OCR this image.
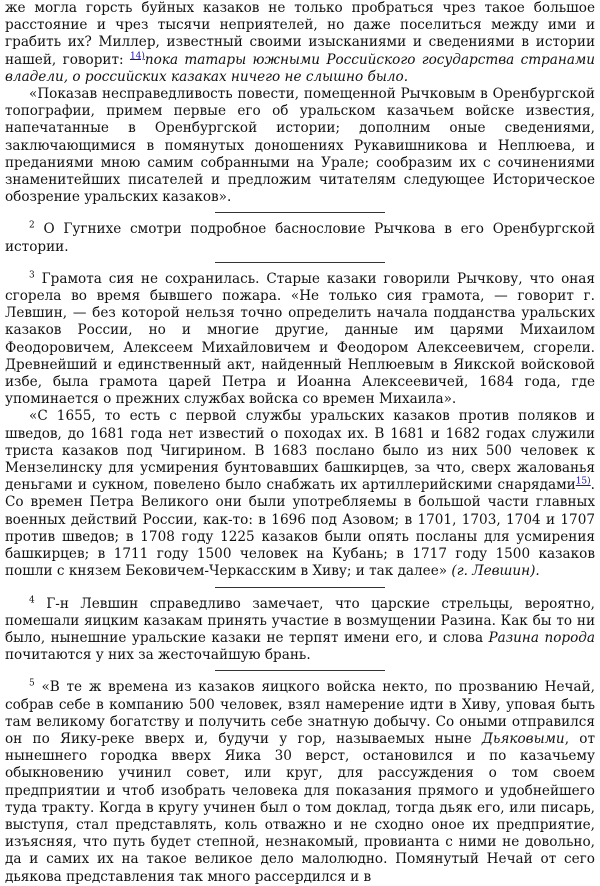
же могла горсть буйных казаков не только пробраться чрез такое большое расстояние и чрез тысячи неприятелей, но даже поселиться между ими и грабить их? Миллер, известный своими изысканиями и сведениями в истории нашей, говорит: $^{14)}$пока татары южными Российского государства странами владели, о российских казаках ничего не слышно было.

«Показав несправедливость повести, помещенной Рычковым в Оренбургской топографии, примем первые его об уральском казачьем войске известия, напечатанные в Оренбургской истории; дополним оные сведениями, заключающимися в помянутых доношениях Рукавишникова и Неплюева, и преданиями мною самим собранными на Урале; сообразим их с сочинениями знаменитейших писателей и предложим читателям следующее Историческое обозрение уральских казаков».

$^2$ О Гугнихе смотри подробное баснословие Рычкова в его Оренбургской истории.

$^3$ Грамота сия не сохранилась. Старые казаки говорили Рычкову, что оная сгорела во время бывшего пожара. «Не только сия грамота, — говорит г. Левшин, — без которой нельзя точно определить начала подданства уральских казаков России, но и многие другие, данные им царями Михаилом Феодоровичем, Алексеем Михайловичем и Феодором Алексеевичем, сгорели. Древнейший и единственный акт, найденный Неплюевым в Яикской войсковой избе, была грамота царей Петра и Иоанна Алексеевичей, 1684 года, где упоминается о прежних службах войска со времен Михаила».

«С 1655, то есть с первой службы уральских казаков против поляков и шведов, до 1681 года нет известий о походах их. В 1681 и 1682 годах служили триста казаков под Чигирином. В 1683 послано было из них 500 человек к Мензелинску для усмирения бунтовавших башкирцев, за что, сверх жалованья деньгами и сукном, повелено было снабжать их артиллерийскими снарядами$^{15)}$. Со времен Петра Великого они были употребляемы в большой части главных военных действий России, как-то: в 1696 под Азовом; в 1701, 1703, 1704 и 1707 против шведов; в 1708 году 1225 казаков были опять посланы для усмирения башкирцев; в 1711 году 1500 человек на Кубань; в 1717 году 1500 казаков пошли с князем Бековичем-Черкасским в Хиву; и так далее» (г. Левшин).

$^4$ Г-н Левшин справедливо замечает, что царские стрельцы, вероятно, помешали яицким казакам принять участие в возмущении Разина. Как бы то ни было, нынешние уральские казаки не терпят имени его, и слова Разина порода почитаются у них за жесточайшую брань.

$^5$ «В те ж времена из казаков яицкого войска некто, по прозванию Нечай, собрав себе в компанию 500 человек, взял намерение идти в Хиву, уповая быть там великому богатству и получить себе знатную добычу. Со оными отправился он по Яику-реке вверх и, будучи у гор, называемых ныне Дьяковыми, от нынешнего городка вверх Яика 30 верст, остановился и по казачьему обыкновению учинил совет, или круг, для рассуждения о том своем предприятии и чтоб изобрать человека для показания прямого и удобнейшего туда тракту. Когда в кругу учинен был о том доклад, тогда дьяк его, или писарь, выступя, стал представлять, коль отважно и не сходно оное их предприятие, изъясняя, что путь будет степной, незнакомый, провианта с ними не довольно, да и самих их на такое великое дело малолюдно. Помянутый Нечай от сего дьякова представления так много рассердился и в
